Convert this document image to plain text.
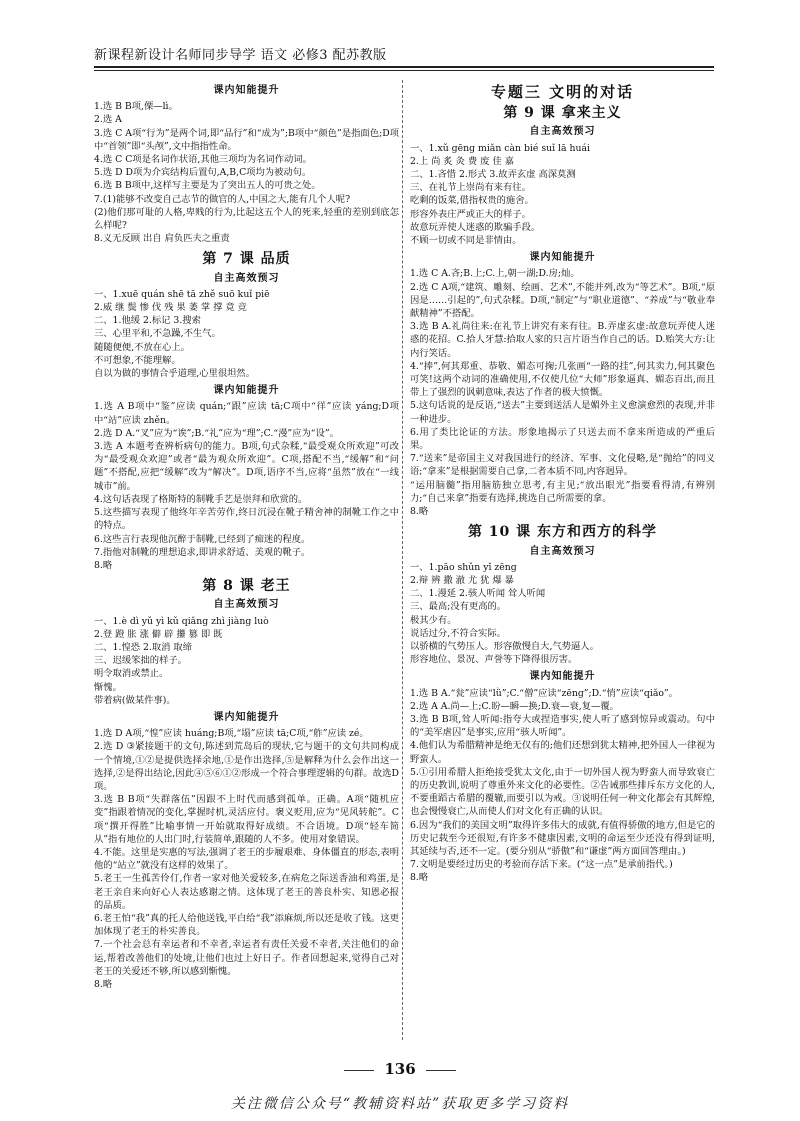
新课程新设计名师同步导学 语文 必修3 配苏教版
课内知能提升
1.选 B B项,傈—lì。
2.选 A
3.选 C A项“行为”是两个词,即“品行”和“成为”;B项中“颜色”是指面色;D项中“首领”即“头颅”,文中指指性命。
4.选 C C项是名词作状语,其他三项均为名词作动词。
5.选 D D项为介宾结构后置句,A,B,C项均为被动句。
6.选 B B项中,这样写主要是为了突出五人的可贵之处。
7.(1)能够不改变自己志节的做官的人,中国之大,能有几个人呢?
(2)他们那可耻的人格,卑贱的行为,比起这五个人的死来,轻重的差别到底怎么样呢?
8.义无反顾 出自 肩负匹夫之重责
第 7 课 品质
自主高效预习
一、1.xuē quán shē tā zhě suō kuǐ piē
2.威 继 鬓 惨 伐 残 果 萎 掌 撑 竟 竞
二、1.他缓 2.标记 3.搜索
三、心里平和,不急躁,不生气。
随随便便,不放在心上。
不可想象,不能理解。
自以为做的事情合乎道理,心里很坦然。
课内知能提升
1.选 A B项中“鉴”应读 quán;“跟”应读 tā;C项中“徉”应读 yáng;D项中“站”应读 zhěn。
2.选 D A.“叉”应为“诶”;B.“礼”应为“理”;C.“漫”应为“设”。
3.选 A 本题考查辨析病句的能力。B项,句式杂糅,“最受观众所欢迎”可改为“最受观众欢迎”或者“最为观众所欢迎”。C项,搭配不当,“缓解”和“问题”不搭配,应把“缓解”改为“解决”。D项,语序不当,应将“虽然”放在“一线城市”前。
4.这句话表现了格斯特的制靴手艺是崇拜和欣赏的。
5.这些描写表现了他终年辛苦劳作,终日沉浸在靴子精舍神的制靴工作之中的特点。
6.这些言行表现他沉醉于制靴,已经到了痴迷的程度。
7.指他对制靴的理想追求,即讲求舒适、美观的靴子。
8.略
第 8 课 老王
自主高效预习
一、1.è dì yǔ yì kǔ qiǎng zhì jiàng luò
2.登 蹬 胀 涨 僻 辟 攥 篡 即 既
二、1.惶恐 2.取消 取缔
三、迟缓笨拙的样子。
明令取消或禁止。
惭愧。
带着病(做某件事)。
课内知能提升
1.选 D A项,“惶”应读 huáng;B项,“塌”应读 tā;C项,“舴”应读 zé。
2.选 D ③紧接题干的文句,陈述到荒岛后的现状,它与题干的文句共同构成一个情境,①②是提供选择余地,①是作出选择,⑤是解释为什么会作出这一选择,②是得出结论,因此④⑤⑥①②形成一个符合事理逻辑的句群。故选D项。
3.选 B B项“失群落伍”因跟不上时代而感到孤单。正确。A项“随机应变”指跟着情况的变化,掌握时机,灵活应付。褒义贬用,应为“见风转舵”。C项“撰开得胜”比喻事情一开始就取得好成绩。不合语境。D项“轻车简从”指有地位的人出门时,行装简单,跟随的人不多。使用对象错误。
4.不能。这里是实惠的写法,强调了老王的步履艰难、身体僵直的形态,表明他的“站立”就没有这样的效果了。
5.老王一生孤苦伶仃,作者一家对他关爱较多,在病危之际送香油和鸡蛋,是老王亲自来向好心人表达感谢之情。这体现了老王的善良朴实、知恩必报的品质。
6.老王怕“我”真的托人给他送钱,平白给“我”添麻烦,所以还是收了钱。这更加体现了老王的朴实善良。
7.一个社会总有幸运者和不幸者,幸运者有责任关爱不幸者,关注他们的命运,帮着改善他们的处境,让他们也过上好日子。作者回想起来,觉得自己对老王的关爱还不够,所以感到惭愧。
8.略
专题三 文明的对话
第 9 课 拿来主义
自主高效预习
一、1.xǔ gēng miǎn càn bié suǐ lā huái
2.上 尚 炙 灸 费 废 佳 嘉
二、1.吝惜 2.形式 3.故弄玄虚 高深莫测
三、在礼节上崇尚有来有往。
吃剩的饭菜,借指权贵的施舍。
形容外表庄严或正大的样子。
故意玩弄使人迷惑的欺骗手段。
不顾一切或不同是非情由。
课内知能提升
1.选 C A.吝;B.上;C.上,朝一湖;D.房;灿。
2.选 C A项,“建筑、雕刻、绘画、艺术”,不能并列,改为“等艺术”。B项,“原因是……引起的”,句式杂糅。D项,“制定”与“职业道德”、“养成”与“敬业奉献精神”不搭配。
3.选 B A.礼尚往来:在礼节上讲究有来有往。B.弄虚玄虚:故意玩弄使人迷惑的花招。C.拾人牙慧:拾取人家的只言片语当作自己的话。D.贻笑大方:让内行笑话。
4.“捧”,何其郑重、恭敬、媚态可掬;几张画“一路的挂”,何其卖力,何其聚色可笑!这两个动词的准确使用,不仅使几位“大师”形象逼真、媚态百出,而且带上了强烈的讽刺意味,表达了作者的极大愤慨。
5.这句话说的是反语,“送去”主要到送活人是媚外主义愈演愈烈的表现,并非一种进步。
6.用了类比论证的方法。形象地揭示了只送去而不拿来所造成的严重后果。
7.“送来”是帝国主义对我国进行的经济、军事、文化侵略,是“抛给”的同义语;“拿来”是根据需要自己拿,二者本质不同,内容迥异。
“运用脑髓”指用脑筋独立思考,有主见;“放出眼光”指要看得清,有辨别力;“自己来拿”指要有选择,挑选自己所需要的拿。
8.略
第 10 课 东方和西方的科学
自主高效预习
一、1.pāo shǔn yǐ zēng
2.辩 辨 撒 澈 尤 犹 爆 暴
二、1.漫延 2.骇人听闻 耸人听闻
三、最高;没有更高的。
极其少有。
说话过分,不符合实际。
以骄横的气势压人。形容傲慢自大,气势逼人。
形容地位、景况、声誉等下降得很厉害。
课内知能提升
1.选 B A.“瓮”应读“lǜ”;C.“僧”应读“zēng”;D.“悄”应读“qiǎo”。
2.选 A A.尚—上;C.盼—瞬—换;D.衰—衰,复—覆。
3.选 B B项,耸人听闻:指夸大或捏造事实,使人听了感到惊异或震动。句中的“美军虐囚”是事实,应用“骇人听闻”。
4.他们认为希腊精神是绝无仅有的;他们还想到犹太精神,把外国人一律视为野蛮人。
5.①引用希腊人拒绝接受犹太文化,由于一切外国人视为野蛮人而导致衰亡的历史教训,说明了尊重外来文化的必要性。②告诫那些排斥东方文化的人,不要重蹈古希腊的覆辙,而要引以为戒。③说明任何一种文化都会有其辉煌,也会慢慢衰亡,从而使人们对文化有正确的认识。
6.因为“我们的美国文明”取得许多伟大的成就,有值得骄傲的地方,但是它的历史记载至今还很短,有许多不健康因素,文明的命运至少还没有得到证明,其延续与否,还不一定。(要分别从“骄傲”和“谦虚”两方面回答理由。)
7.文明是要经过历史的考验而存活下来。(“这一点”是承前指代。)
8.略
136
关注微信公众号“教辅资料站”获取更多学习资料
